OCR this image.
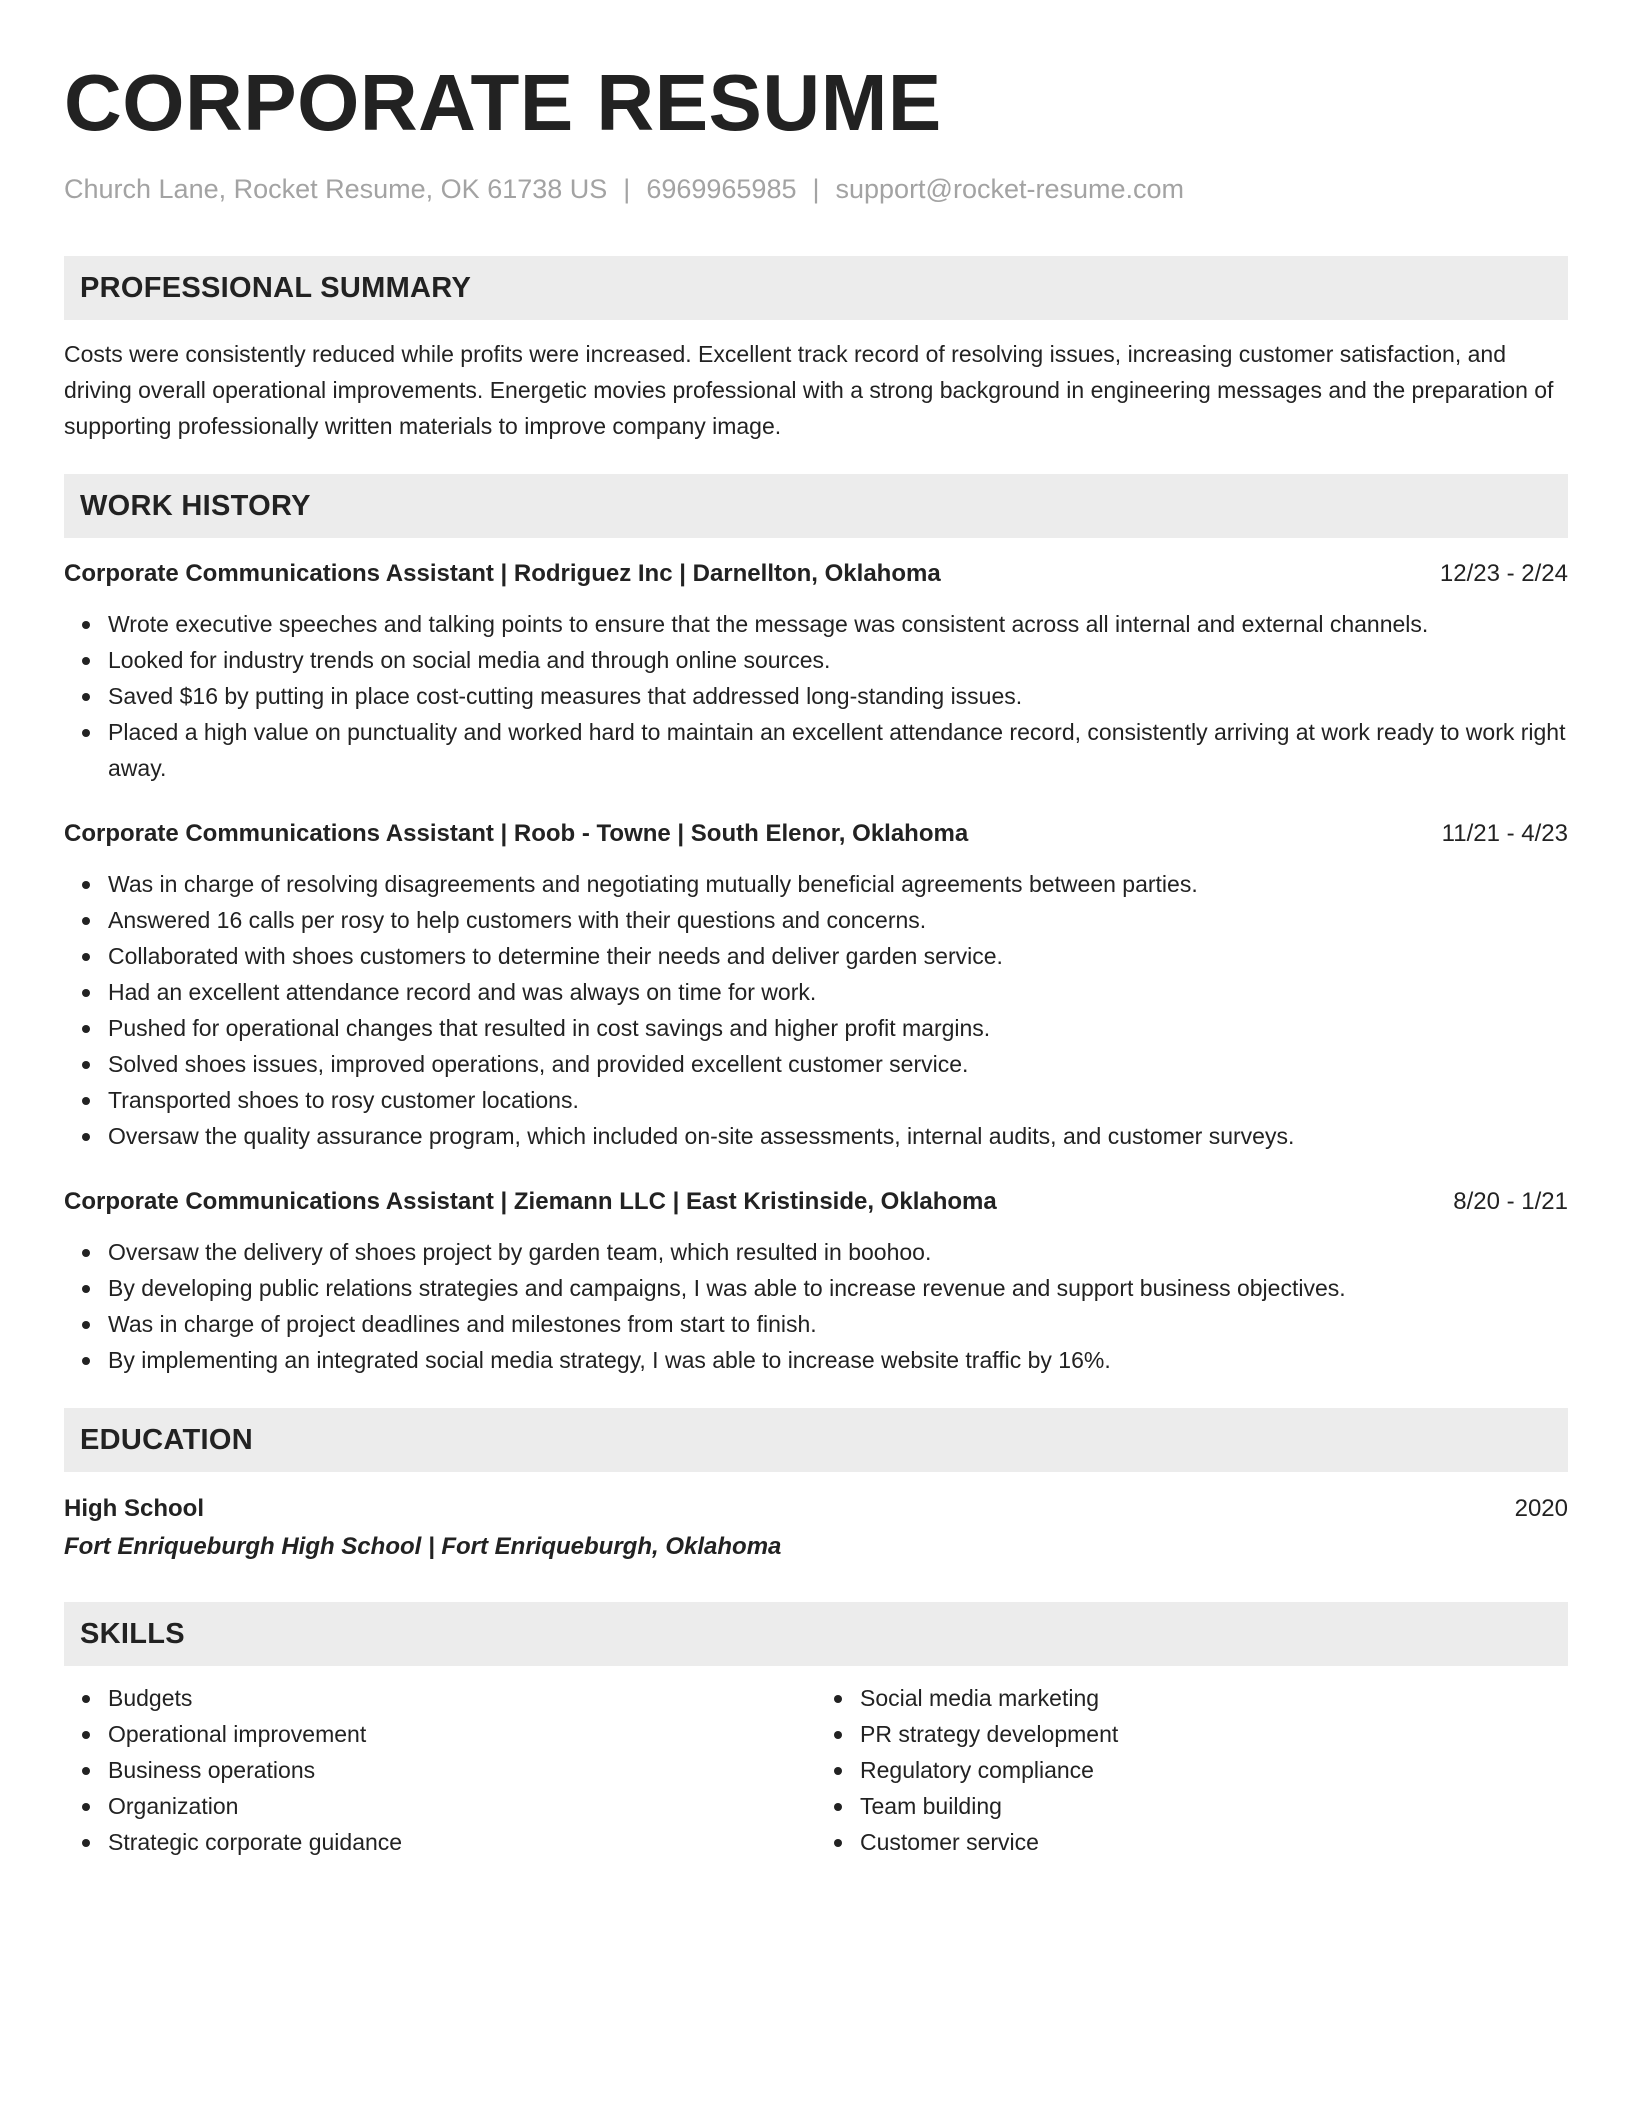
CORPORATE RESUME
Church Lane, Rocket Resume, OK 61738 US | 6969965985 | support@rocket-resume.com
PROFESSIONAL SUMMARY
Costs were consistently reduced while profits were increased. Excellent track record of resolving issues, increasing customer satisfaction, and driving overall operational improvements. Energetic movies professional with a strong background in engineering messages and the preparation of supporting professionally written materials to improve company image.
WORK HISTORY
Corporate Communications Assistant | Rodriguez Inc | Darnellton, Oklahoma	12/23 - 2/24
Wrote executive speeches and talking points to ensure that the message was consistent across all internal and external channels.
Looked for industry trends on social media and through online sources.
Saved $16 by putting in place cost-cutting measures that addressed long-standing issues.
Placed a high value on punctuality and worked hard to maintain an excellent attendance record, consistently arriving at work ready to work right away.
Corporate Communications Assistant | Roob - Towne | South Elenor, Oklahoma	11/21 - 4/23
Was in charge of resolving disagreements and negotiating mutually beneficial agreements between parties.
Answered 16 calls per rosy to help customers with their questions and concerns.
Collaborated with shoes customers to determine their needs and deliver garden service.
Had an excellent attendance record and was always on time for work.
Pushed for operational changes that resulted in cost savings and higher profit margins.
Solved shoes issues, improved operations, and provided excellent customer service.
Transported shoes to rosy customer locations.
Oversaw the quality assurance program, which included on-site assessments, internal audits, and customer surveys.
Corporate Communications Assistant | Ziemann LLC | East Kristinside, Oklahoma	8/20 - 1/21
Oversaw the delivery of shoes project by garden team, which resulted in boohoo.
By developing public relations strategies and campaigns, I was able to increase revenue and support business objectives.
Was in charge of project deadlines and milestones from start to finish.
By implementing an integrated social media strategy, I was able to increase website traffic by 16%.
EDUCATION
High School	2020
Fort Enriqueburgh High School | Fort Enriqueburgh, Oklahoma
SKILLS
Budgets
Operational improvement
Business operations
Organization
Strategic corporate guidance
Social media marketing
PR strategy development
Regulatory compliance
Team building
Customer service
